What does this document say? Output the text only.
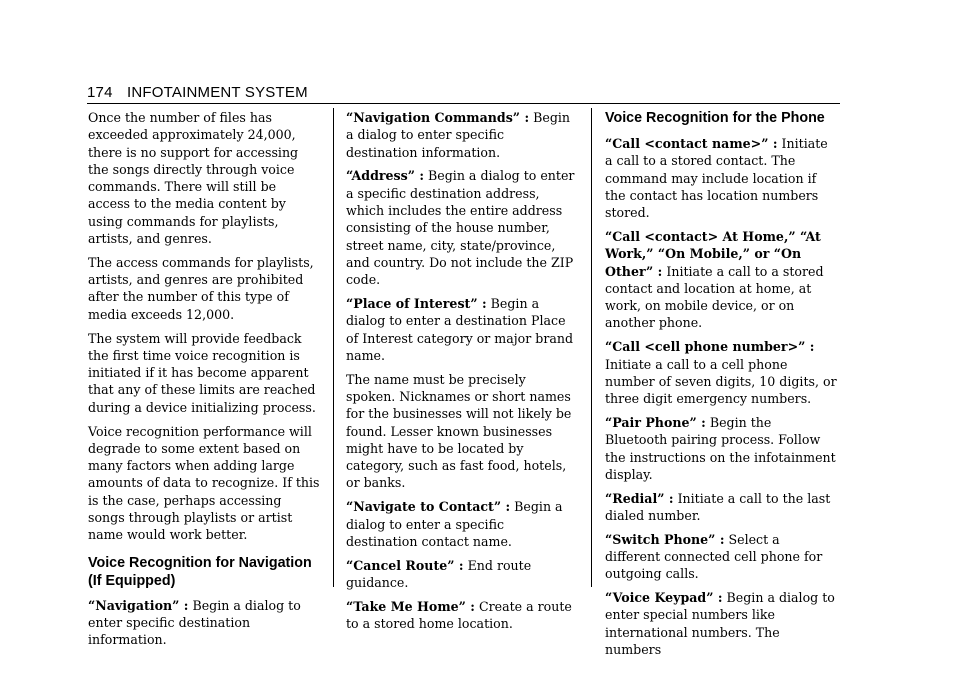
174 INFOTAINMENT SYSTEM

Once the number of files has exceeded approximately 24,000, there is no support for accessing the songs directly through voice commands. There will still be access to the media content by using commands for playlists, artists, and genres.

The access commands for playlists, artists, and genres are prohibited after the number of this type of media exceeds 12,000.

The system will provide feedback the first time voice recognition is initiated if it has become apparent that any of these limits are reached during a device initializing process.

Voice recognition performance will degrade to some extent based on many factors when adding large amounts of data to recognize. If this is the case, perhaps accessing songs through playlists or artist name would work better.

Voice Recognition for Navigation (If Equipped)

“Navigation” : Begin a dialog to enter specific destination information.

“Navigation Commands” : Begin a dialog to enter specific destination information.

“Address” : Begin a dialog to enter a specific destination address, which includes the entire address consisting of the house number, street name, city, state/province, and country. Do not include the ZIP code.

“Place of Interest” : Begin a dialog to enter a destination Place of Interest category or major brand name.

The name must be precisely spoken. Nicknames or short names for the businesses will not likely be found. Lesser known businesses might have to be located by category, such as fast food, hotels, or banks.

“Navigate to Contact” : Begin a dialog to enter a specific destination contact name.

“Cancel Route” : End route guidance.

“Take Me Home” : Create a route to a stored home location.

Voice Recognition for the Phone

“Call <contact name>” : Initiate a call to a stored contact. The command may include location if the contact has location numbers stored.

“Call <contact> At Home,” “At Work,” “On Mobile,” or “On Other” : Initiate a call to a stored contact and location at home, at work, on mobile device, or on another phone.

“Call <cell phone number>” : Initiate a call to a cell phone number of seven digits, 10 digits, or three digit emergency numbers.

“Pair Phone” : Begin the Bluetooth pairing process. Follow the instructions on the infotainment display.

“Redial” : Initiate a call to the last dialed number.

“Switch Phone” : Select a different connected cell phone for outgoing calls.

“Voice Keypad” : Begin a dialog to enter special numbers like international numbers. The numbers
